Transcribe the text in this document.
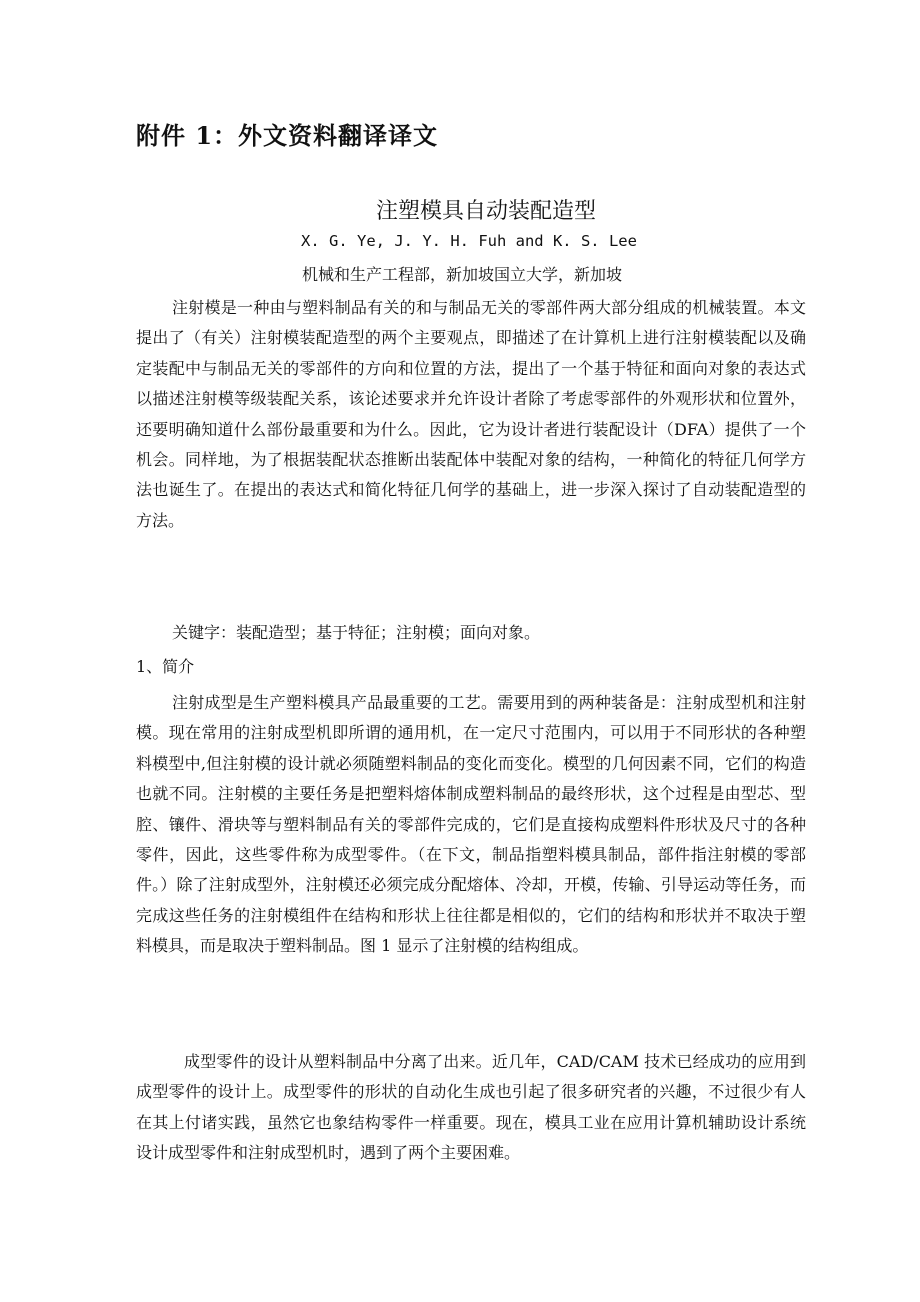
附件 1：外文资料翻译译文
注塑模具自动装配造型
X. G. Ye, J. Y. H. Fuh and K. S. Lee
机械和生产工程部，新加坡国立大学，新加坡

注射模是一种由与塑料制品有关的和与制品无关的零部件两大部分组成的机械装置。本文提出了（有关）注射模装配造型的两个主要观点，即描述了在计算机上进行注射模装配以及确定装配中与制品无关的零部件的方向和位置的方法，提出了一个基于特征和面向对象的表达式以描述注射模等级装配关系，该论述要求并允许设计者除了考虑零部件的外观形状和位置外，还要明确知道什么部份最重要和为什么。因此，它为设计者进行装配设计（DFA）提供了一个机会。同样地，为了根据装配状态推断出装配体中装配对象的结构，一种简化的特征几何学方法也诞生了。在提出的表达式和简化特征几何学的基础上，进一步深入探讨了自动装配造型的方法。

关键字：装配造型；基于特征；注射模；面向对象。

1、简介

注射成型是生产塑料模具产品最重要的工艺。需要用到的两种装备是：注射成型机和注射模。现在常用的注射成型机即所谓的通用机，在一定尺寸范围内，可以用于不同形状的各种塑料模型中,但注射模的设计就必须随塑料制品的变化而变化。模型的几何因素不同，它们的构造也就不同。注射模的主要任务是把塑料熔体制成塑料制品的最终形状，这个过程是由型芯、型腔、镶件、滑块等与塑料制品有关的零部件完成的，它们是直接构成塑料件形状及尺寸的各种零件，因此，这些零件称为成型零件。（在下文，制品指塑料模具制品，部件指注射模的零部件。）除了注射成型外，注射模还必须完成分配熔体、冷却，开模，传输、引导运动等任务，而完成这些任务的注射模组件在结构和形状上往往都是相似的，它们的结构和形状并不取决于塑料模具，而是取决于塑料制品。图 1 显示了注射模的结构组成。

成型零件的设计从塑料制品中分离了出来。近几年，CAD/CAM 技术已经成功的应用到成型零件的设计上。成型零件的形状的自动化生成也引起了很多研究者的兴趣，不过很少有人在其上付诸实践，虽然它也象结构零件一样重要。现在，模具工业在应用计算机辅助设计系统设计成型零件和注射成型机时，遇到了两个主要困难。
